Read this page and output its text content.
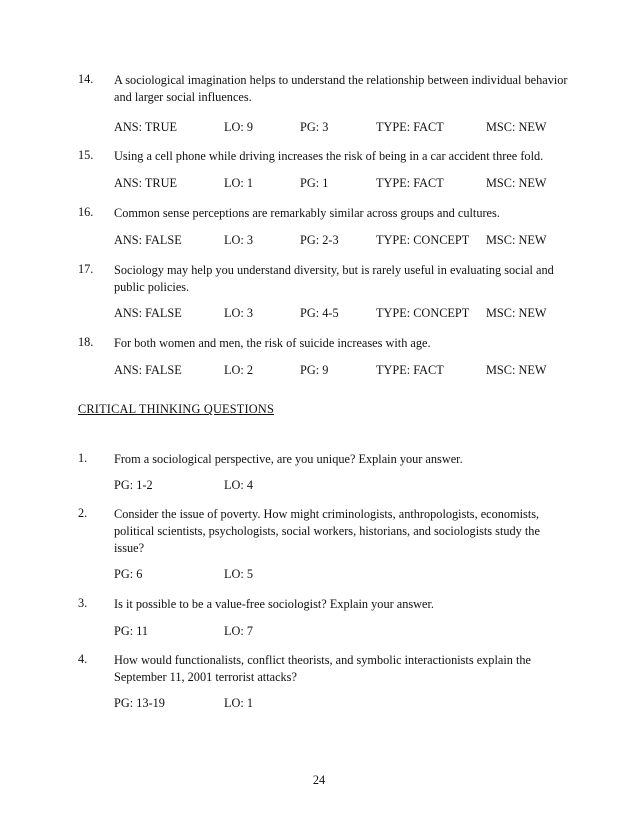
14.	A sociological imagination helps to understand the relationship between individual behavior and larger social influences.
ANS: TRUE	LO: 9	PG: 3	TYPE: FACT	MSC: NEW
15.	Using a cell phone while driving increases the risk of being in a car accident three fold.
ANS: TRUE	LO: 1	PG: 1	TYPE: FACT	MSC: NEW
16.	Common sense perceptions are remarkably similar across groups and cultures.
ANS: FALSE	LO: 3	PG: 2-3	TYPE: CONCEPT MSC: NEW
17.	Sociology may help you understand diversity, but is rarely useful in evaluating social and public policies.
ANS: FALSE	LO: 3	PG: 4-5	TYPE: CONCEPT MSC: NEW
18.	For both women and men, the risk of suicide increases with age.
ANS: FALSE	LO: 2	PG: 9	TYPE: FACT	MSC: NEW
CRITICAL THINKING QUESTIONS
1.	From a sociological perspective, are you unique? Explain your answer.
PG: 1-2	LO: 4
2.	Consider the issue of poverty. How might criminologists, anthropologists, economists, political scientists, psychologists, social workers, historians, and sociologists study the issue?
PG: 6	LO: 5
3.	Is it possible to be a value-free sociologist? Explain your answer.
PG: 11	LO: 7
4.	How would functionalists, conflict theorists, and symbolic interactionists explain the September 11, 2001 terrorist attacks?
PG: 13-19	LO: 1
24
